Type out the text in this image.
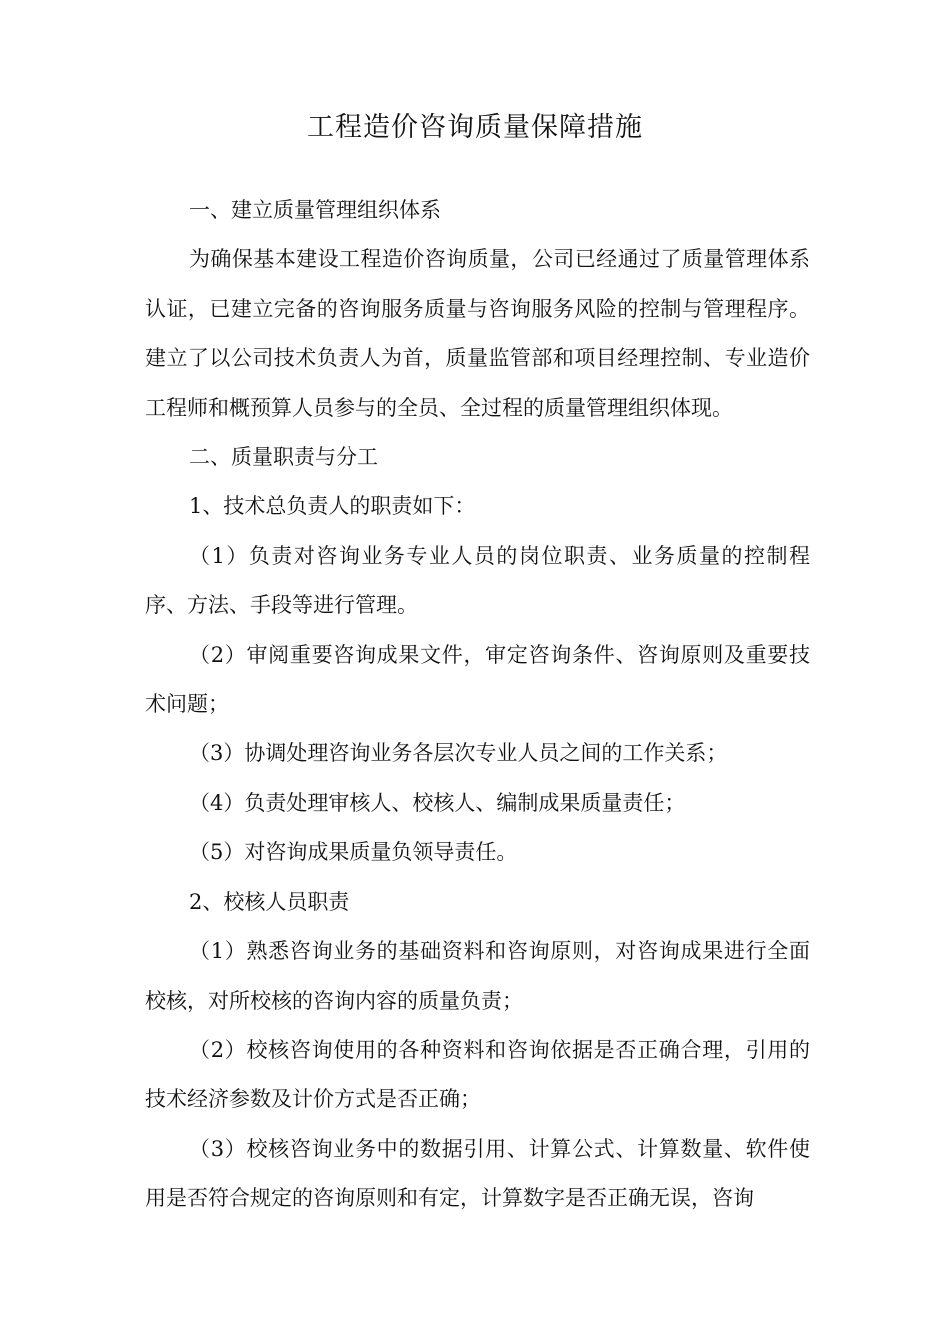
工程造价咨询质量保障措施

一、建立质量管理组织体系

为确保基本建设工程造价咨询质量，公司已经通过了质量管理体系认证，已建立完备的咨询服务质量与咨询服务风险的控制与管理程序。建立了以公司技术负责人为首，质量监管部和项目经理控制、专业造价工程师和概预算人员参与的全员、全过程的质量管理组织体现。

二、质量职责与分工

1、技术总负责人的职责如下：

（1）负责对咨询业务专业人员的岗位职责、业务质量的控制程序、方法、手段等进行管理。

（2）审阅重要咨询成果文件，审定咨询条件、咨询原则及重要技术问题；

（3）协调处理咨询业务各层次专业人员之间的工作关系；

（4）负责处理审核人、校核人、编制成果质量责任；

（5）对咨询成果质量负领导责任。

2、校核人员职责

（1）熟悉咨询业务的基础资料和咨询原则，对咨询成果进行全面校核，对所校核的咨询内容的质量负责；

（2）校核咨询使用的各种资料和咨询依据是否正确合理，引用的技术经济参数及计价方式是否正确；

（3）校核咨询业务中的数据引用、计算公式、计算数量、软件使用是否符合规定的咨询原则和有定，计算数字是否正确无误，咨询
